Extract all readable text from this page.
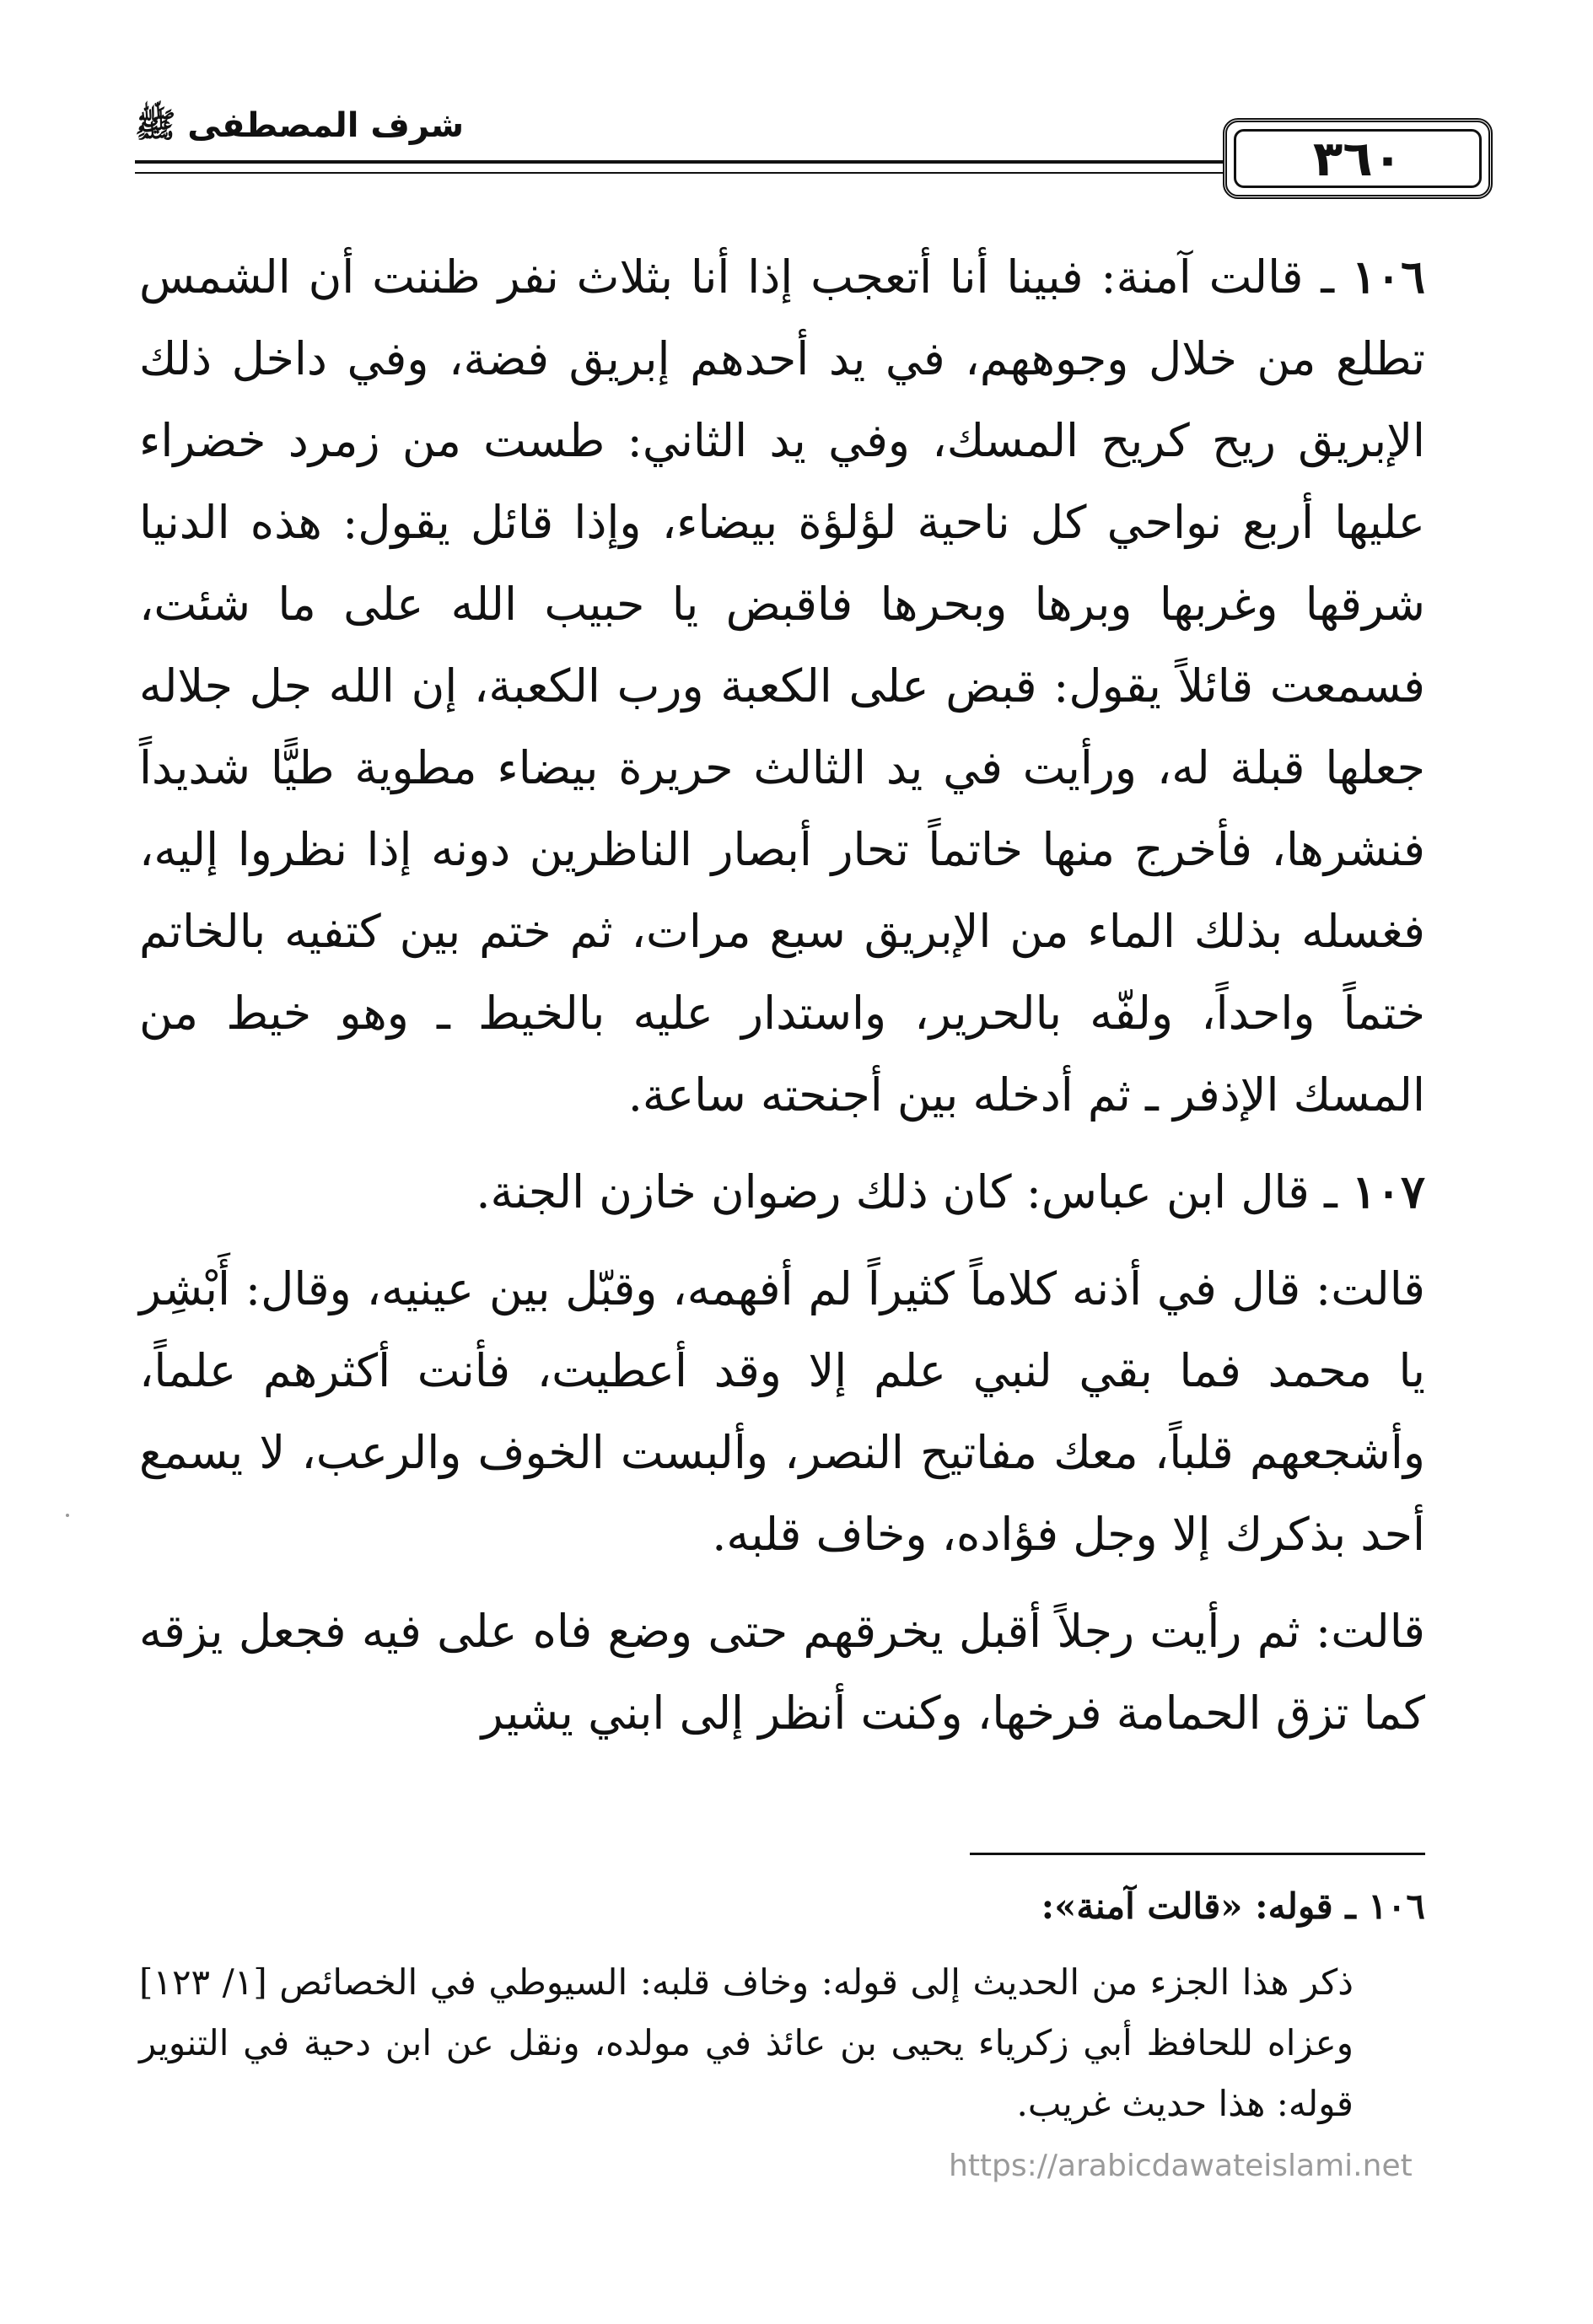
شرف المصطفى ﷺ
٣٦٠

١٠٦ ـ قالت آمنة: فبينا أنا أتعجب إذا أنا بثلاث نفر ظننت أن الشمس تطلع من خلال وجوههم، في يد أحدهم إبريق فضة، وفي داخل ذلك الإبريق ريح كريح المسك، وفي يد الثاني: طست من زمرد خضراء عليها أربع نواحي كل ناحية لؤلؤة بيضاء، وإذا قائل يقول: هذه الدنيا شرقها وغربها وبرها وبحرها فاقبض يا حبيب الله على ما شئت، فسمعت قائلاً يقول: قبض على الكعبة ورب الكعبة، إن الله جل جلاله جعلها قبلة له، ورأيت في يد الثالث حريرة بيضاء مطوية طيًّا شديداً فنشرها، فأخرج منها خاتماً تحار أبصار الناظرين دونه إذا نظروا إليه، فغسله بذلك الماء من الإبريق سبع مرات، ثم ختم بين كتفيه بالخاتم ختماً واحداً، ولفّه بالحرير، واستدار عليه بالخيط ـ وهو خيط من المسك الإذفر ـ ثم أدخله بين أجنحته ساعة.

١٠٧ ـ قال ابن عباس: كان ذلك رضوان خازن الجنة.

قالت: قال في أذنه كلاماً كثيراً لم أفهمه، وقبّل بين عينيه، وقال: أَبْشِر يا محمد فما بقي لنبي علم إلا وقد أعطيت، فأنت أكثرهم علماً، وأشجعهم قلباً، معك مفاتيح النصر، وألبست الخوف والرعب، لا يسمع أحد بذكرك إلا وجل فؤاده، وخاف قلبه.

قالت: ثم رأيت رجلاً أقبل يخرقهم حتى وضع فاه على فيه فجعل يزقه كما تزق الحمامة فرخها، وكنت أنظر إلى ابني يشير

١٠٦ ـ قوله: «قالت آمنة»:

ذكر هذا الجزء من الحديث إلى قوله: وخاف قلبه: السيوطي في الخصائص [١/ ١٢٣] وعزاه للحافظ أبي زكرياء يحيى بن عائذ في مولده، ونقل عن ابن دحية في التنوير قوله: هذا حديث غريب.

https://arabicdawateislami.net
